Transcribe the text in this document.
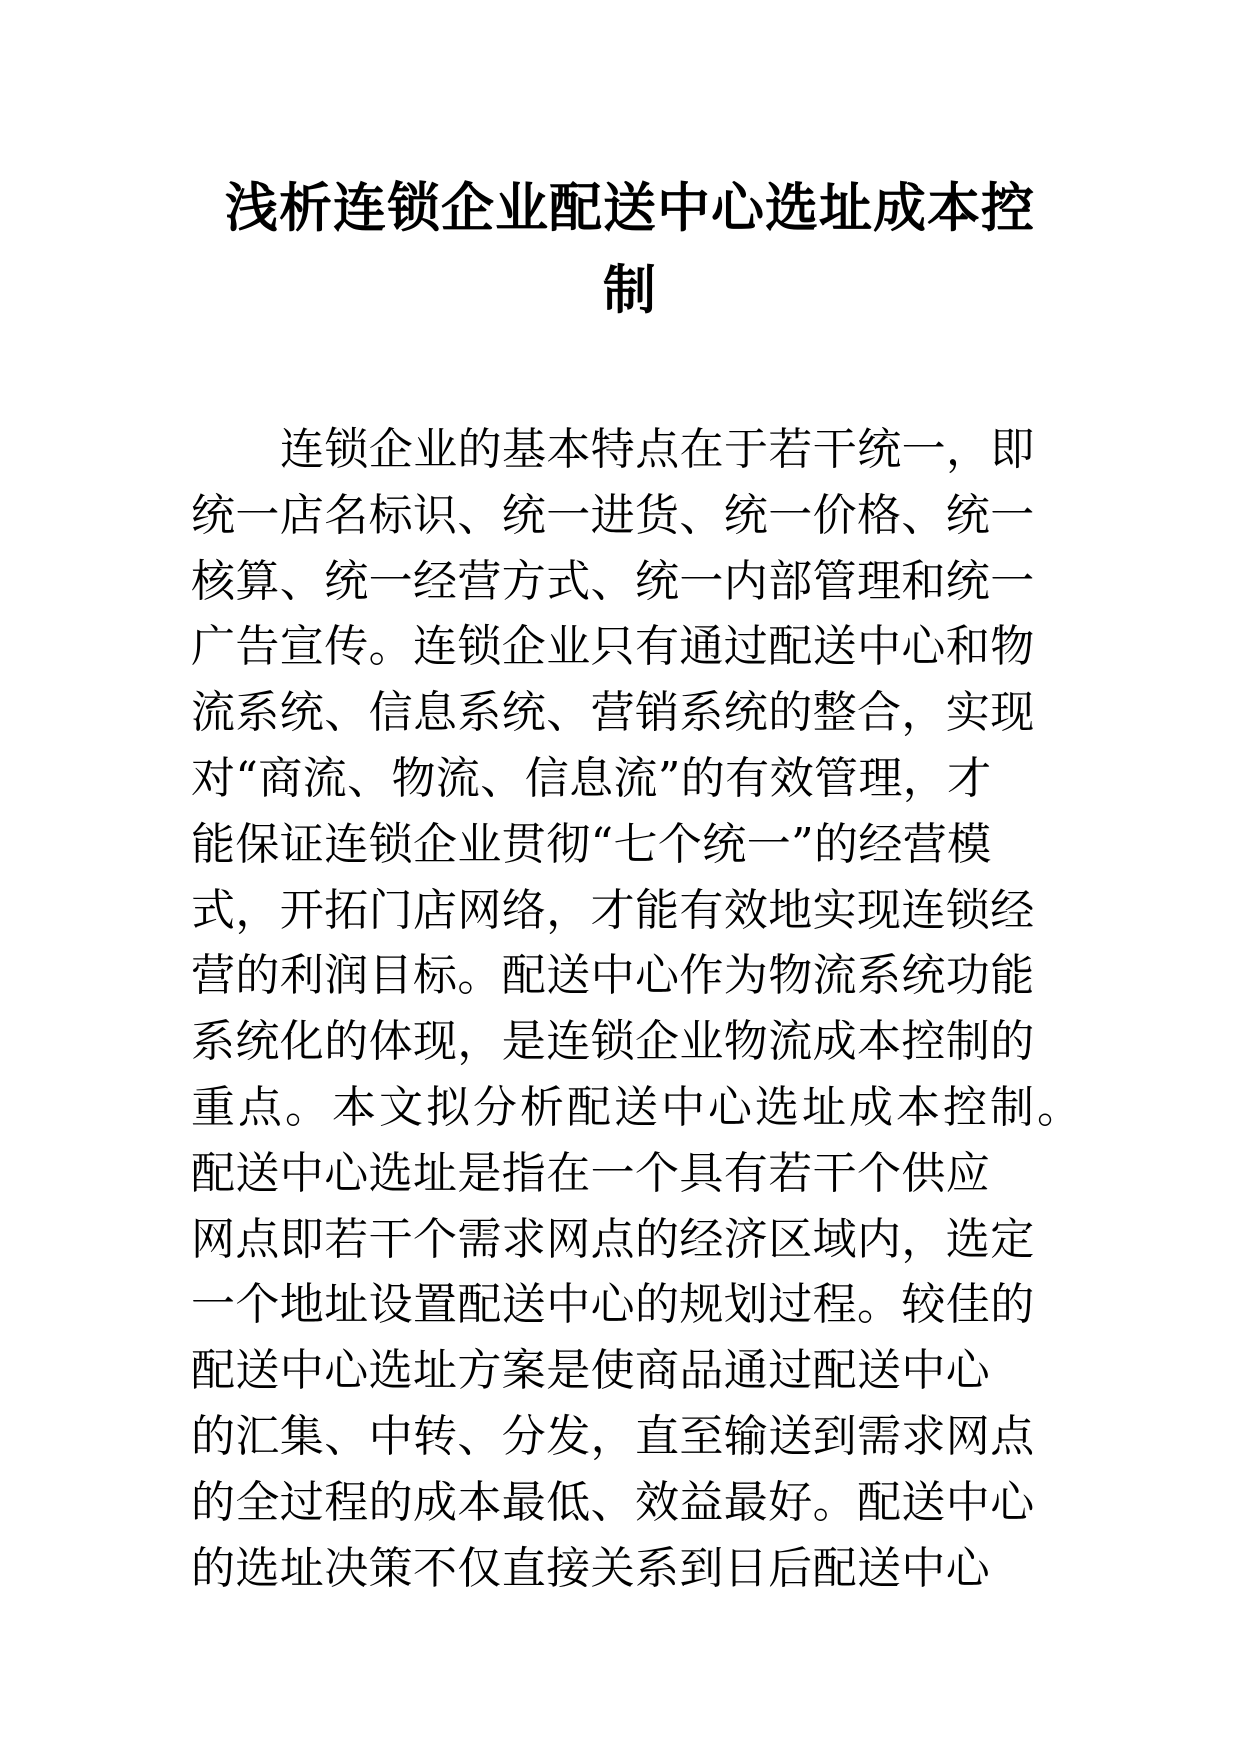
浅析连锁企业配送中心选址成本控
制
连锁企业的基本特点在于若干统一，即
统一店名标识、统一进货、统一价格、统一
核算、统一经营方式、统一内部管理和统一
广告宣传。连锁企业只有通过配送中心和物
流系统、信息系统、营销系统的整合，实现
对“商流、物流、信息流”的有效管理，才
能保证连锁企业贯彻“七个统一”的经营模
式，开拓门店网络，才能有效地实现连锁经
营的利润目标。配送中心作为物流系统功能
系统化的体现，是连锁企业物流成本控制的
重点。本文拟分析配送中心选址成本控制。
配送中心选址是指在一个具有若干个供应
网点即若干个需求网点的经济区域内，选定
一个地址设置配送中心的规划过程。较佳的
配送中心选址方案是使商品通过配送中心
的汇集、中转、分发，直至输送到需求网点
的全过程的成本最低、效益最好。配送中心
的选址决策不仅直接关系到日后配送中心
